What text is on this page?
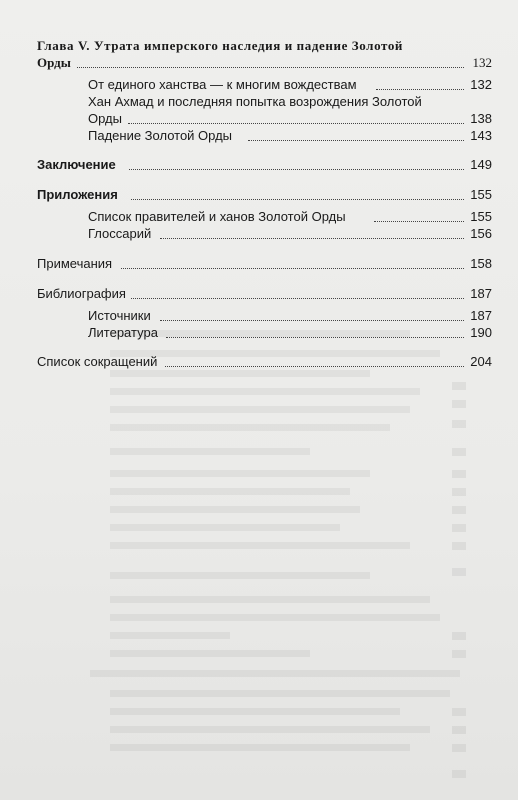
Глава V. Утрата имперского наследия и падение Золотой
Орды	132
От единого ханства — к многим вождествам	132
Хан Ахмад и последняя попытка возрождения Золотой
Орды	138
Падение Золотой Орды	143
Заключение	149
Приложения	155
Список правителей и ханов Золотой Орды	155
Глоссарий	156
Примечания	158
Библиография	187
Источники	187
Литература	190
Список сокращений	204
